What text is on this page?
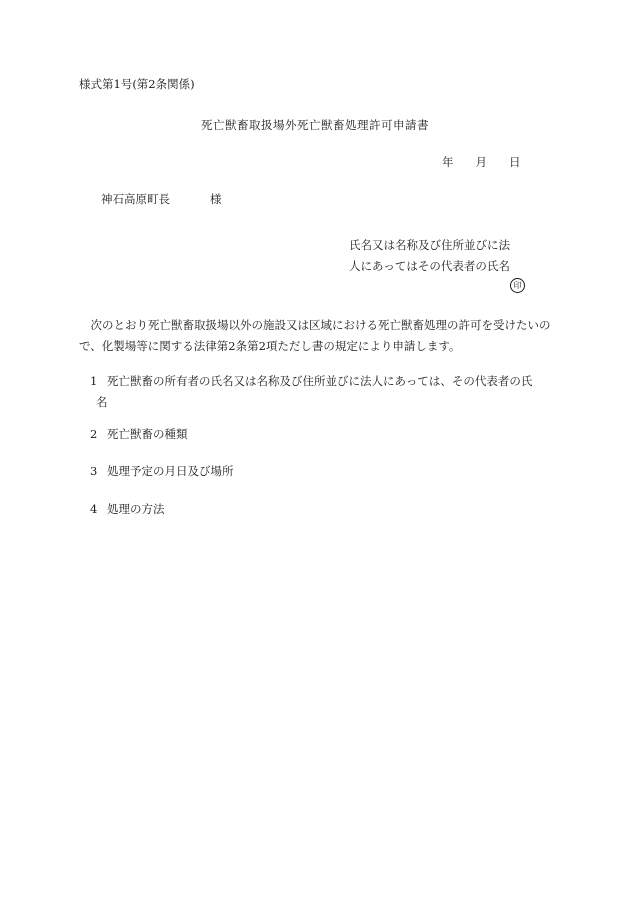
様式第1号(第2条関係)
死亡獣畜取扱場外死亡獣畜処理許可申請書
年 月 日
神石高原町長	様
氏名又は名称及び住所並びに法
人にあってはその代表者の氏名
印
次のとおり死亡獣畜取扱場以外の施設又は区域における死亡獣畜処理の許可を受けたいので、化製場等に関する法律第2条第2項ただし書の規定により申請します。
1 死亡獣畜の所有者の氏名又は名称及び住所並びに法人にあっては、その代表者の氏
名
2 死亡獣畜の種類
3 処理予定の月日及び場所
4 処理の方法
